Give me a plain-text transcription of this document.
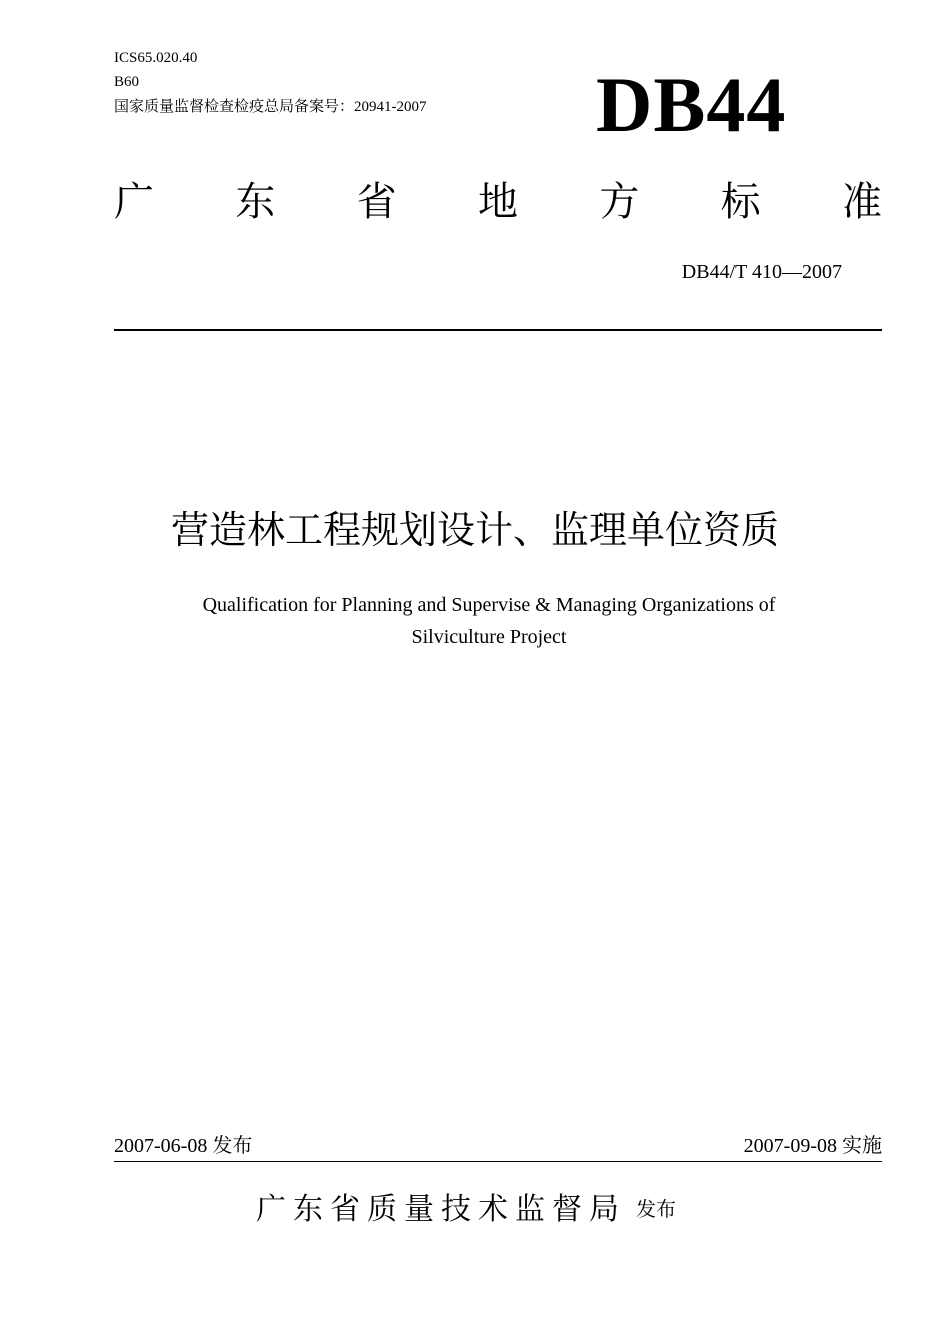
ICS65.020.40
B60
国家质量监督检查检疫总局备案号：20941-2007 DB44
广 东 省 地 方 标 准
DB44/T 410—2007
营造林工程规划设计、监理单位资质
Qualification for Planning and Supervise & Managing Organizations of
Silviculture Project
2007-06-08 发布	2007-09-08 实施
广东省质量技术监督局 发布
